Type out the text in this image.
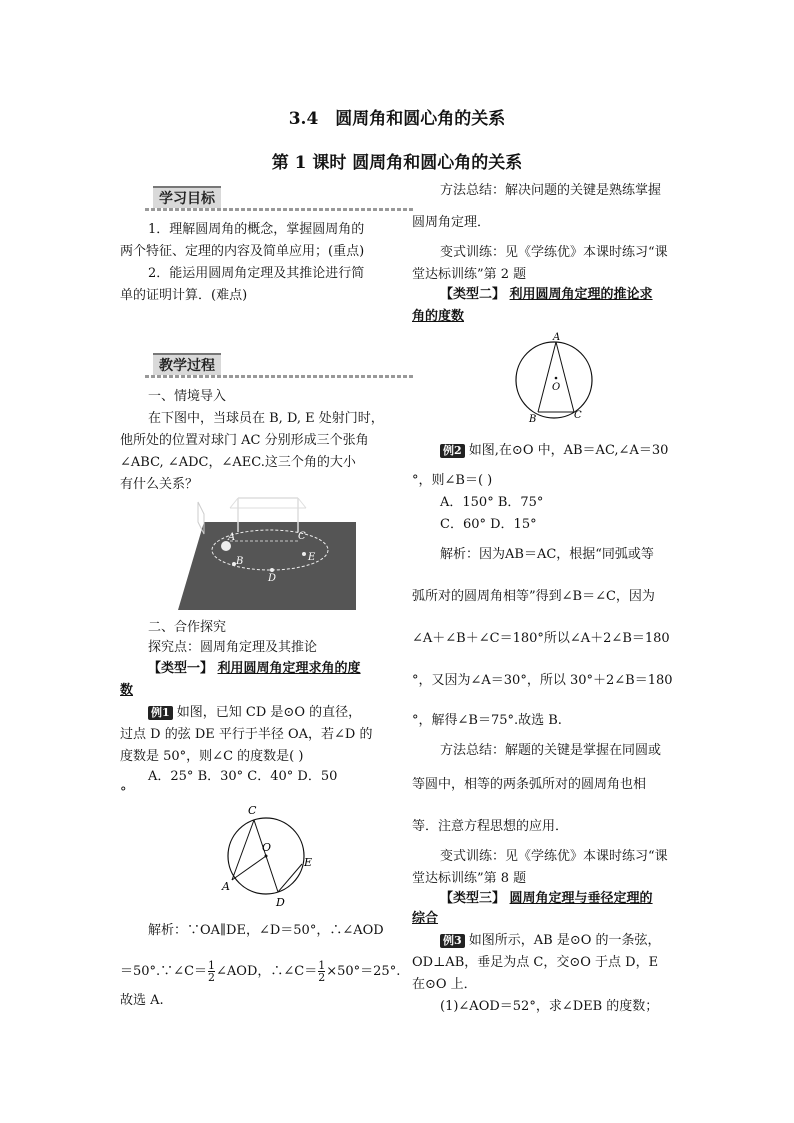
3.4　圆周角和圆心角的关系
第 1 课时 圆周角和圆心角的关系
学习目标
1．理解圆周角的概念，掌握圆周角的
两个特征、定理的内容及简单应用；(重点)
2．能运用圆周角定理及其推论进行简
单的证明计算．(难点)
教学过程
一、情境导入
在下图中，当球员在 B, D, E 处射门时，
他所处的位置对球门 AC 分别形成三个张角
∠ABC, ∠ADC，∠AEC.这三个角的大小
有什么关系？
A
B
C
D
E
二、合作探究
探究点：圆周角定理及其推论
【类型一】 利用圆周角定理求角的度
数
例1 如图，已知 CD 是⊙O 的直径，
过点 D 的弦 DE 平行于半径 OA，若∠D 的
度数是 50°，则∠C 的度数是( )
A．25° B．30° C．40° D．50
°
C
O
E
A
D
解析：∵OA∥DE，∠D＝50°，∴∠AOD
＝50°.∵∠C＝ $\frac{1}{2}$ ∠AOD，∴∠C＝ $\frac{1}{2} \times 50^\circ=25^\circ$.
故选 A.
方法总结：解决问题的关键是熟练掌握
圆周角定理．
变式训练：见《学练优》本课时练习“课
堂达标训练”第 2 题
【类型二】 利用圆周角定理的推论求
角的度数
A
O
B	C
例2 如图,在⊙O 中，AB＝AC,∠A＝30
°，则∠B＝( )
A．150° B．75°
C．60° D．15°
解析：因为AB＝AC，根据“同弧或等
弧所对的圆周角相等”得到∠B＝∠C，因为
∠A＋∠B＋∠C＝180°所以∠A＋2∠B＝180
°，又因为∠A＝30°，所以 30°＋2∠B＝180
°，解得∠B＝75°.故选 B.
方法总结：解题的关键是掌握在同圆或
等圆中，相等的两条弧所对的圆周角也相
等．注意方程思想的应用．
变式训练：见《学练优》本课时练习“课
堂达标训练”第 8 题
【类型三】 圆周角定理与垂径定理的
综合
例3 如图所示，AB 是⊙O 的一条弦，
OD⊥AB，垂足为点 C，交⊙O 于点 D，E
在⊙O 上．
(1)∠AOD＝52°，求∠DEB 的度数；
